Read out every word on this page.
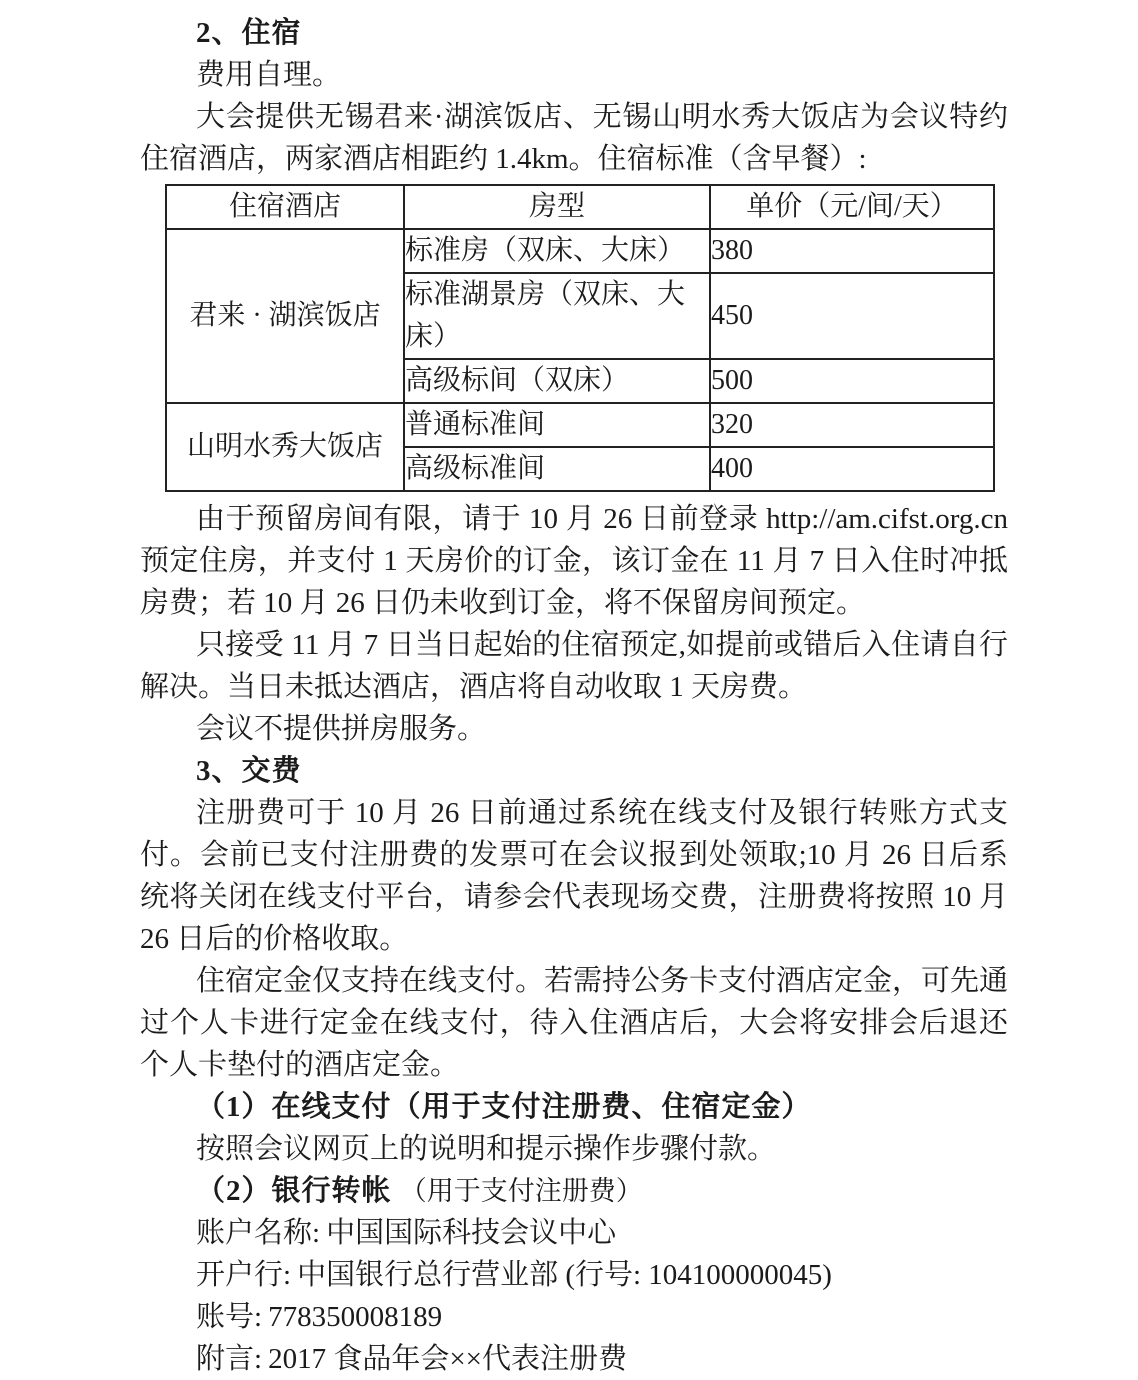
2、住宿

费用自理。

大会提供无锡君来·湖滨饭店、无锡山明水秀大饭店为会议特约住宿酒店，两家酒店相距约 1.4km。住宿标准（含早餐）:

住宿酒店	房型	单价（元/间/天）
君来 · 湖滨饭店	标准房（双床、大床）	380
	标准湖景房（双床、大床）	450
	高级标间（双床）	500
山明水秀大饭店	普通标准间	320
	高级标准间	400

由于预留房间有限，请于 10 月 26 日前登录 http://am.cifst.org.cn 预定住房，并支付 1 天房价的订金，该订金在 11 月 7 日入住时冲抵房费；若 10 月 26 日仍未收到订金，将不保留房间预定。

只接受 11 月 7 日当日起始的住宿预定,如提前或错后入住请自行解决。当日未抵达酒店，酒店将自动收取 1 天房费。

会议不提供拼房服务。

3、交费

注册费可于 10 月 26 日前通过系统在线支付及银行转账方式支付。会前已支付注册费的发票可在会议报到处领取;10 月 26 日后系统将关闭在线支付平台，请参会代表现场交费，注册费将按照 10 月 26 日后的价格收取。

住宿定金仅支持在线支付。若需持公务卡支付酒店定金，可先通过个人卡进行定金在线支付，待入住酒店后，大会将安排会后退还个人卡垫付的酒店定金。

（1）在线支付（用于支付注册费、住宿定金）

按照会议网页上的说明和提示操作步骤付款。

（2）银行转帐 （用于支付注册费）

账户名称: 中国国际科技会议中心

开户行: 中国银行总行营业部 (行号: 104100000045)

账号: 778350008189

附言: 2017 食品年会××代表注册费
